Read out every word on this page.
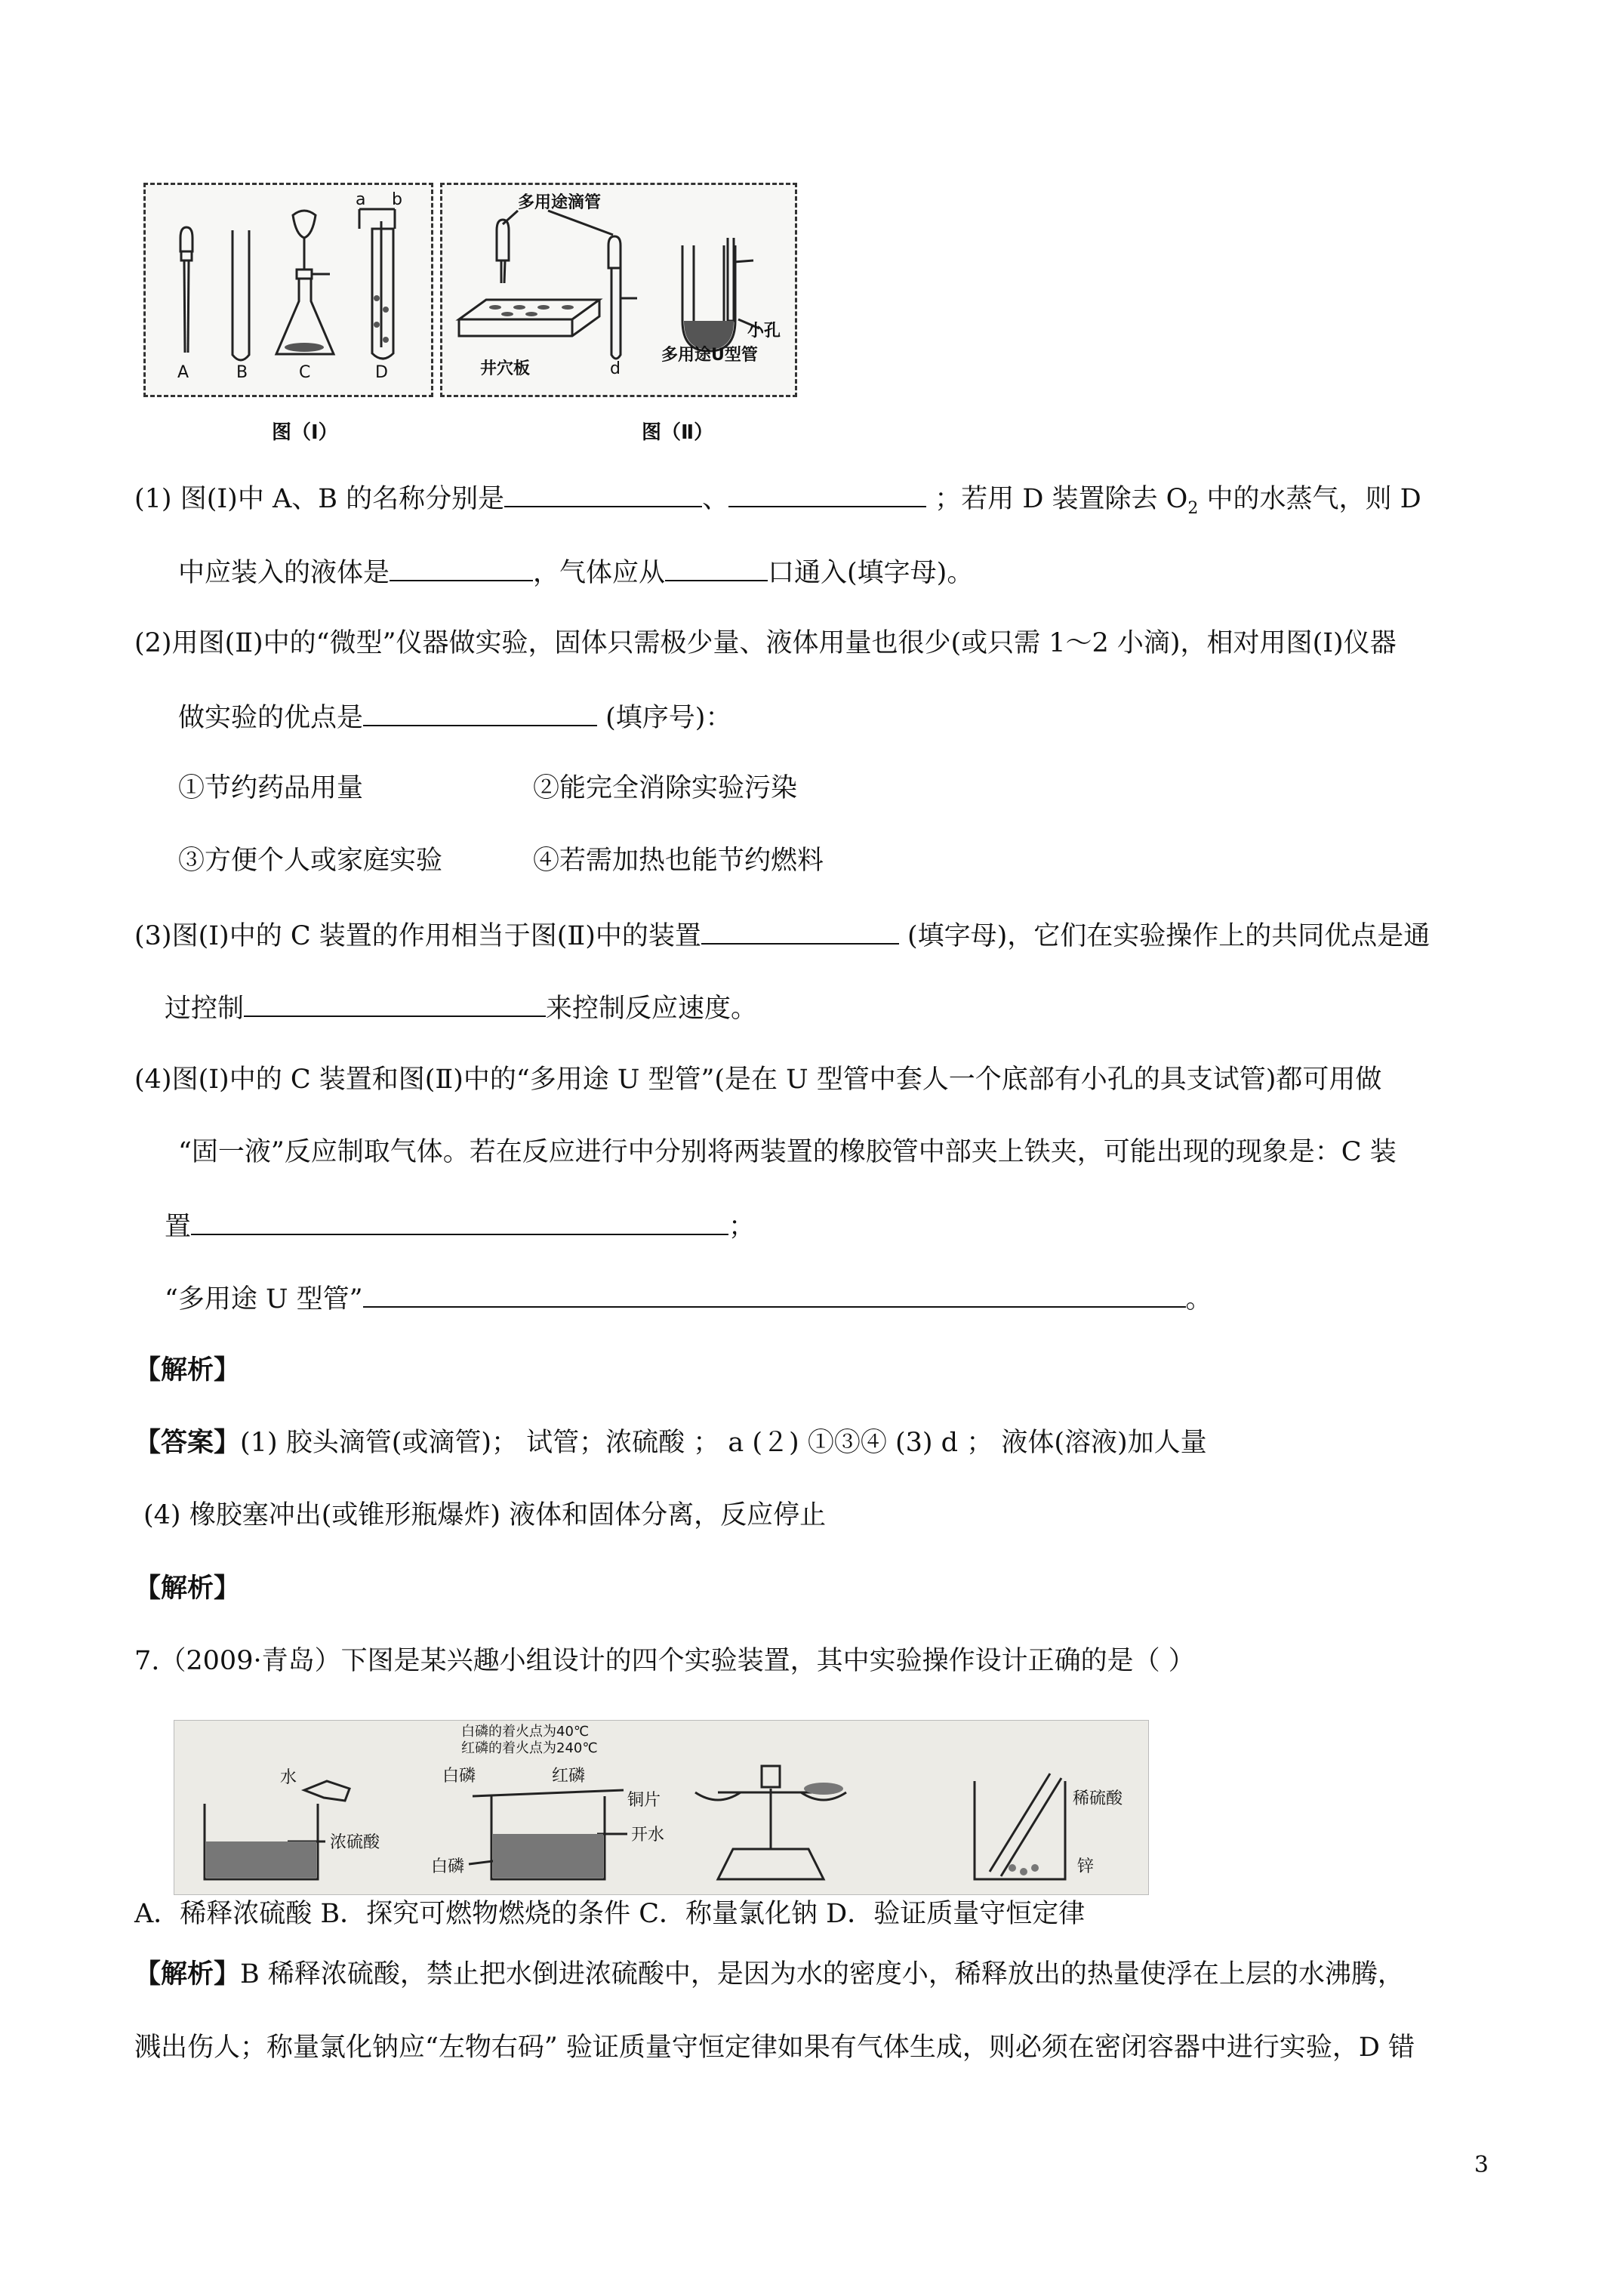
A	B	C	D
a b
图（Ⅰ）
多用途滴管
井穴板	d
小孔
多用途U型管
图（Ⅱ）
(1) 图(Ⅰ)中 A、B 的名称分别是	、	；若用 D 装置除去 $O_2$ 中的水蒸气，则 D
中应装入的液体是	，气体应从	口通入(填字母)。
(2)用图(Ⅱ)中的“微型”仪器做实验，固体只需极少量、液体用量也很少(或只需 1～2 小滴)，相对用图(Ⅰ)仪器
做实验的优点是	(填序号)：
①节约药品用量	②能完全消除实验污染
③方便个人或家庭实验	④若需加热也能节约燃料
(3)图(Ⅰ)中的 C 装置的作用相当于图(Ⅱ)中的装置	(填字母)，它们在实验操作上的共同优点是通
过控制	来控制反应速度。
(4)图(Ⅰ)中的 C 装置和图(Ⅱ)中的“多用途 U 型管”(是在 U 型管中套人一个底部有小孔的具支试管)都可用做
“固一液”反应制取气体。若在反应进行中分别将两装置的橡胶管中部夹上铁夹，可能出现的现象是：C 装
置	；
“多用途 U 型管”	。
【解析】
【答案】(1) 胶头滴管(或滴管)； 试管；浓硫酸 ； a (２) ①③④ (3) d ； 液体(溶液)加人量
(4) 橡胶塞冲出(或锥形瓶爆炸) 液体和固体分离，反应停止
【解析】
7.（2009·青岛）下图是某兴趣小组设计的四个实验装置，其中实验操作设计正确的是（ ）
水
浓硫酸
白磷的着火点为40℃
红磷的着火点为240℃
白磷	红磷
铜片
开水
白磷
稀硫酸
锌
A．稀释浓硫酸 B．探究可燃物燃烧的条件 C．称量氯化钠 D．验证质量守恒定律
【解析】B 稀释浓硫酸，禁止把水倒进浓硫酸中，是因为水的密度小，稀释放出的热量使浮在上层的水沸腾，
溅出伤人；称量氯化钠应“左物右码” 验证质量守恒定律如果有气体生成，则必须在密闭容器中进行实验，D 错
3
